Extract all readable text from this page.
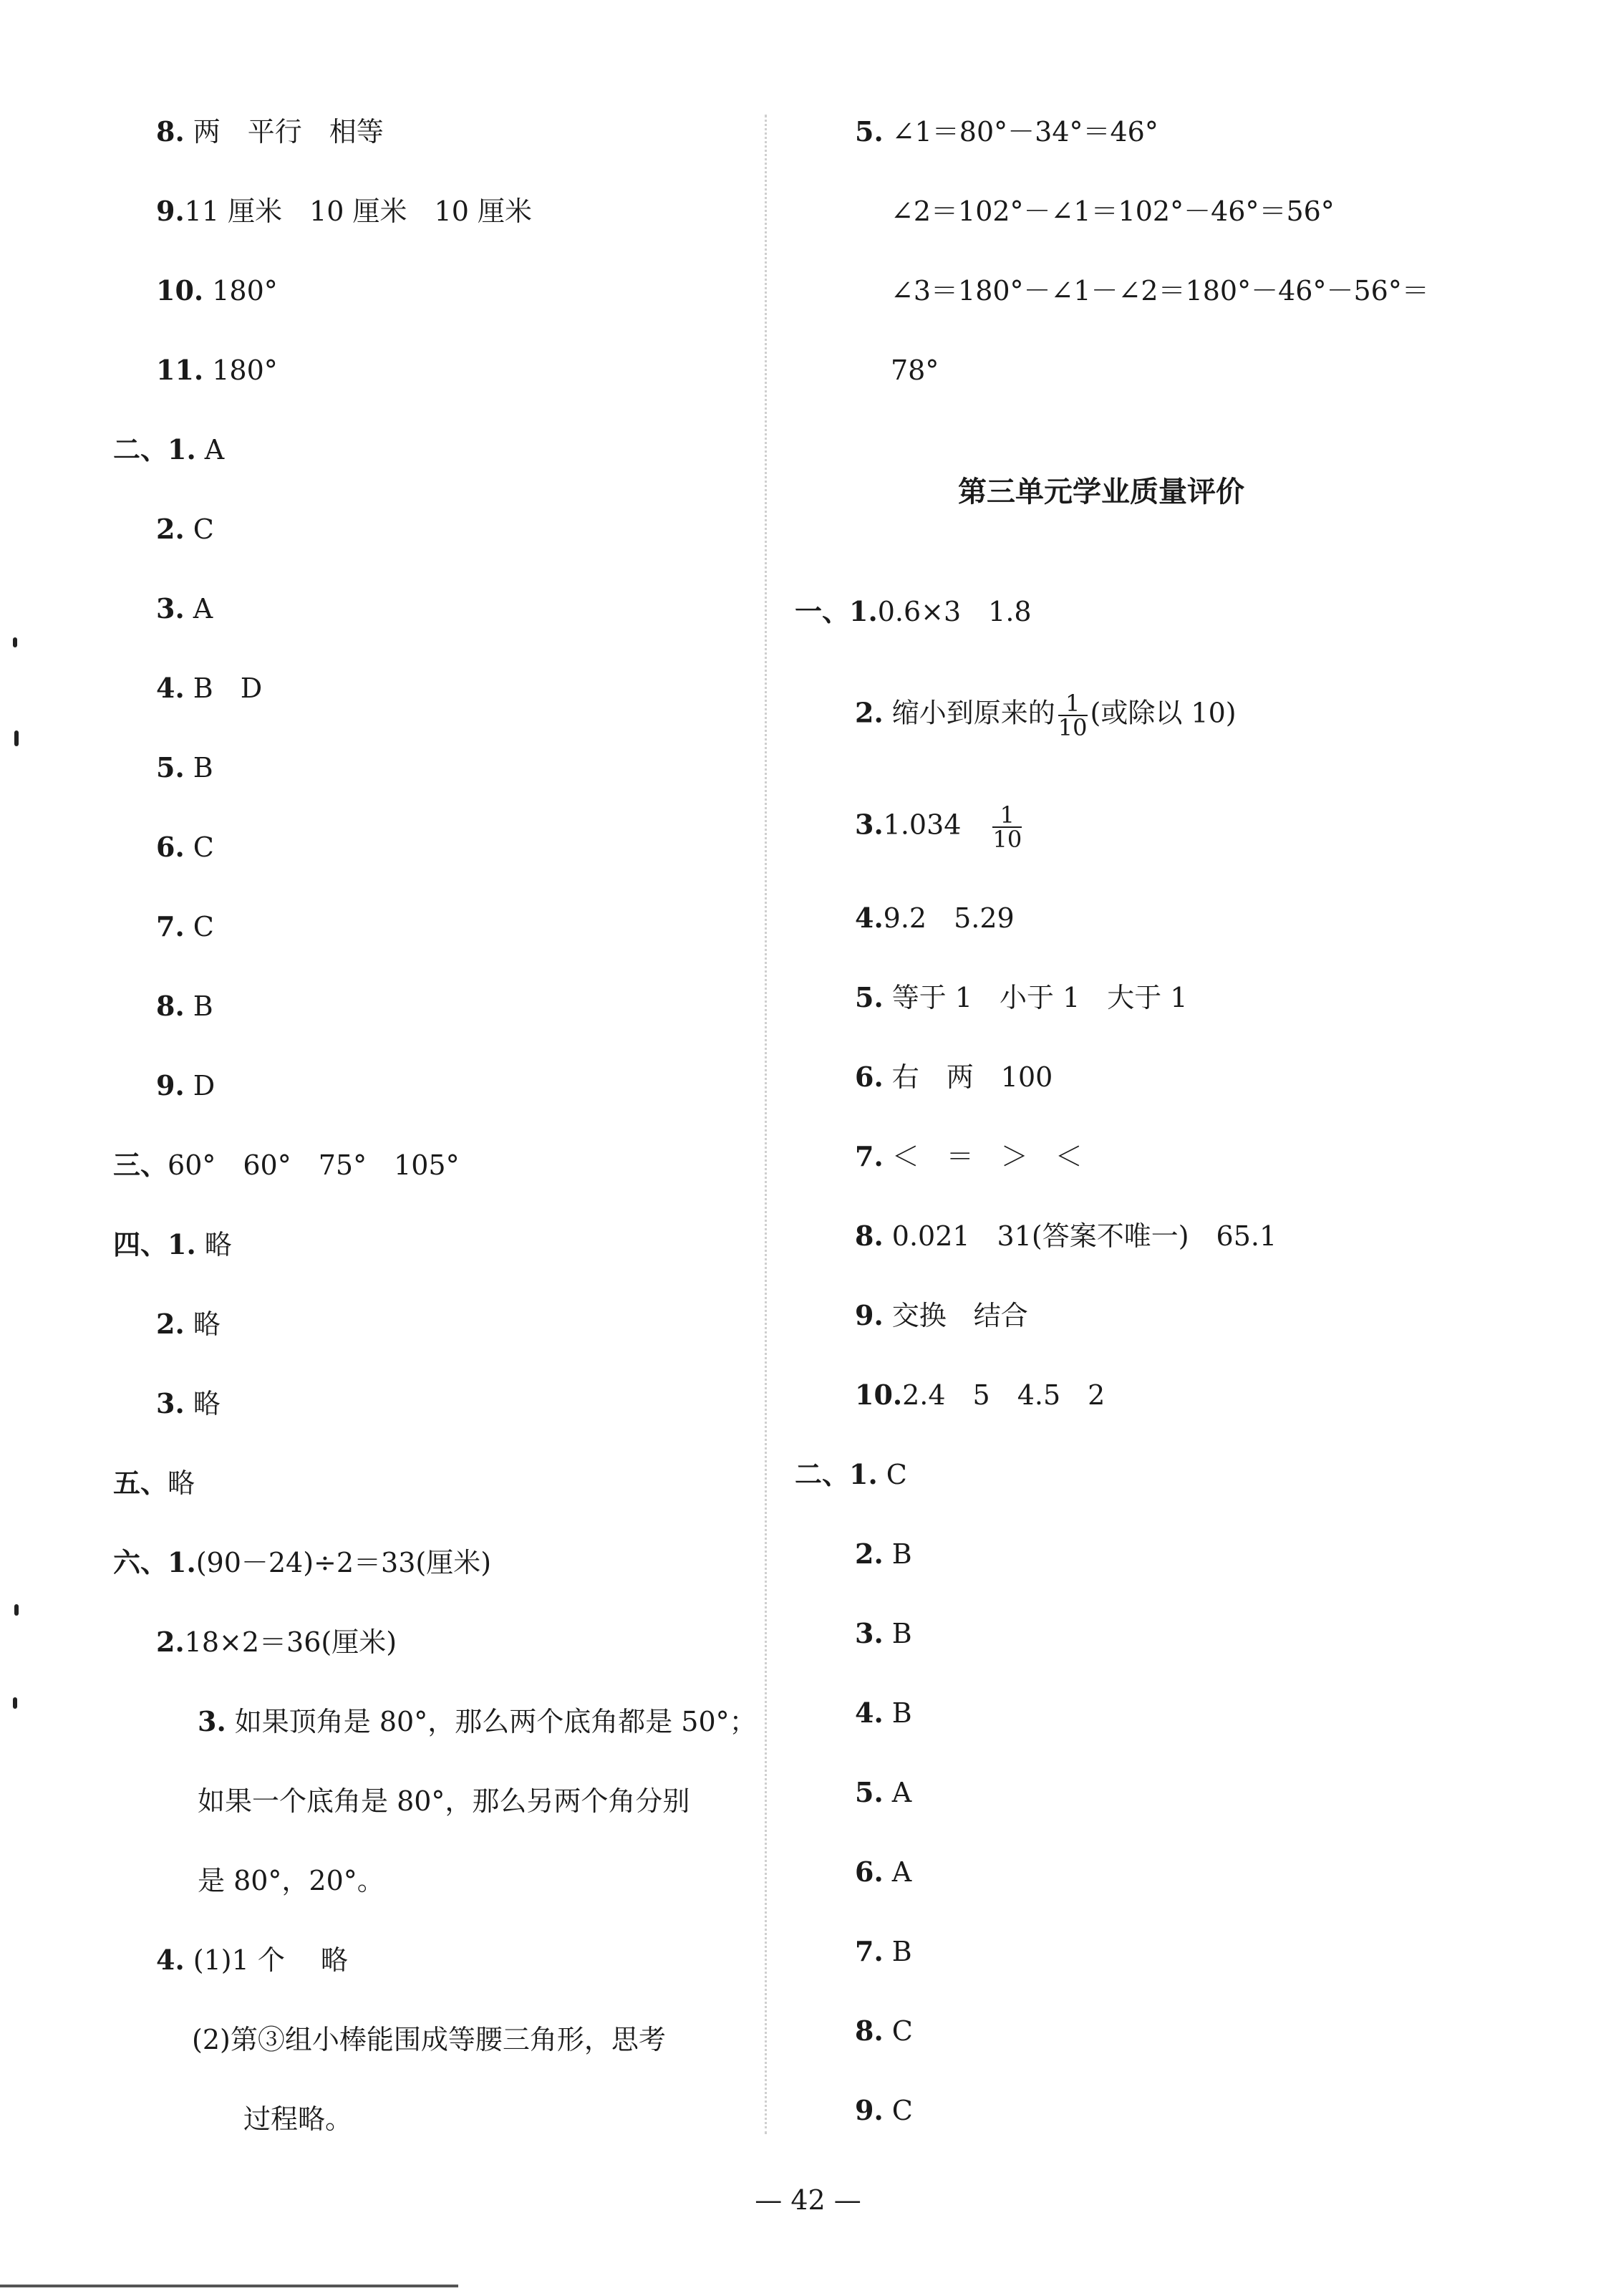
8. 两　平行　相等
9.11 厘米　10 厘米　10 厘米
10. 180°
11. 180°
二、1. A
2. C
3. A
4. B　D
5. B
6. C
7. C
8. B
9. D
三、60°　60°　75°　105°
四、1. 略
2. 略
3. 略
五、略
六、1.(90－24)÷2＝33(厘米)
2.18×2＝36(厘米)
3. 如果顶角是 80°，那么两个底角都是 50°；
如果一个底角是 80°，那么另两个角分别
是 80°，20°。
4. (1)1 个　 略
(2)第③组小棒能围成等腰三角形，思考
过程略。
5. ∠1＝80°－34°＝46°
∠2＝102°－∠1＝102°－46°＝56°
∠3＝180°－∠1－∠2＝180°－46°－56°＝
78°
第三单元学业质量评价
一、1.0.6×3　1.8
2. 缩小到原来的 $\frac{1}{10}$ (或除以 10)
$3.1.034 \frac{1}{10}$
4.9.2　5.29
5. 等于 1　小于 1　大于 1
6. 右　两　100
7. ＜　＝　＞　＜
8. 0.021　31(答案不唯一)　65.1
9. 交换　结合
10.2.4　5　4.5　2
二、1. C
2. B
3. B
4. B
5. A
6. A
7. B
8. C
9. C
— 42 —
